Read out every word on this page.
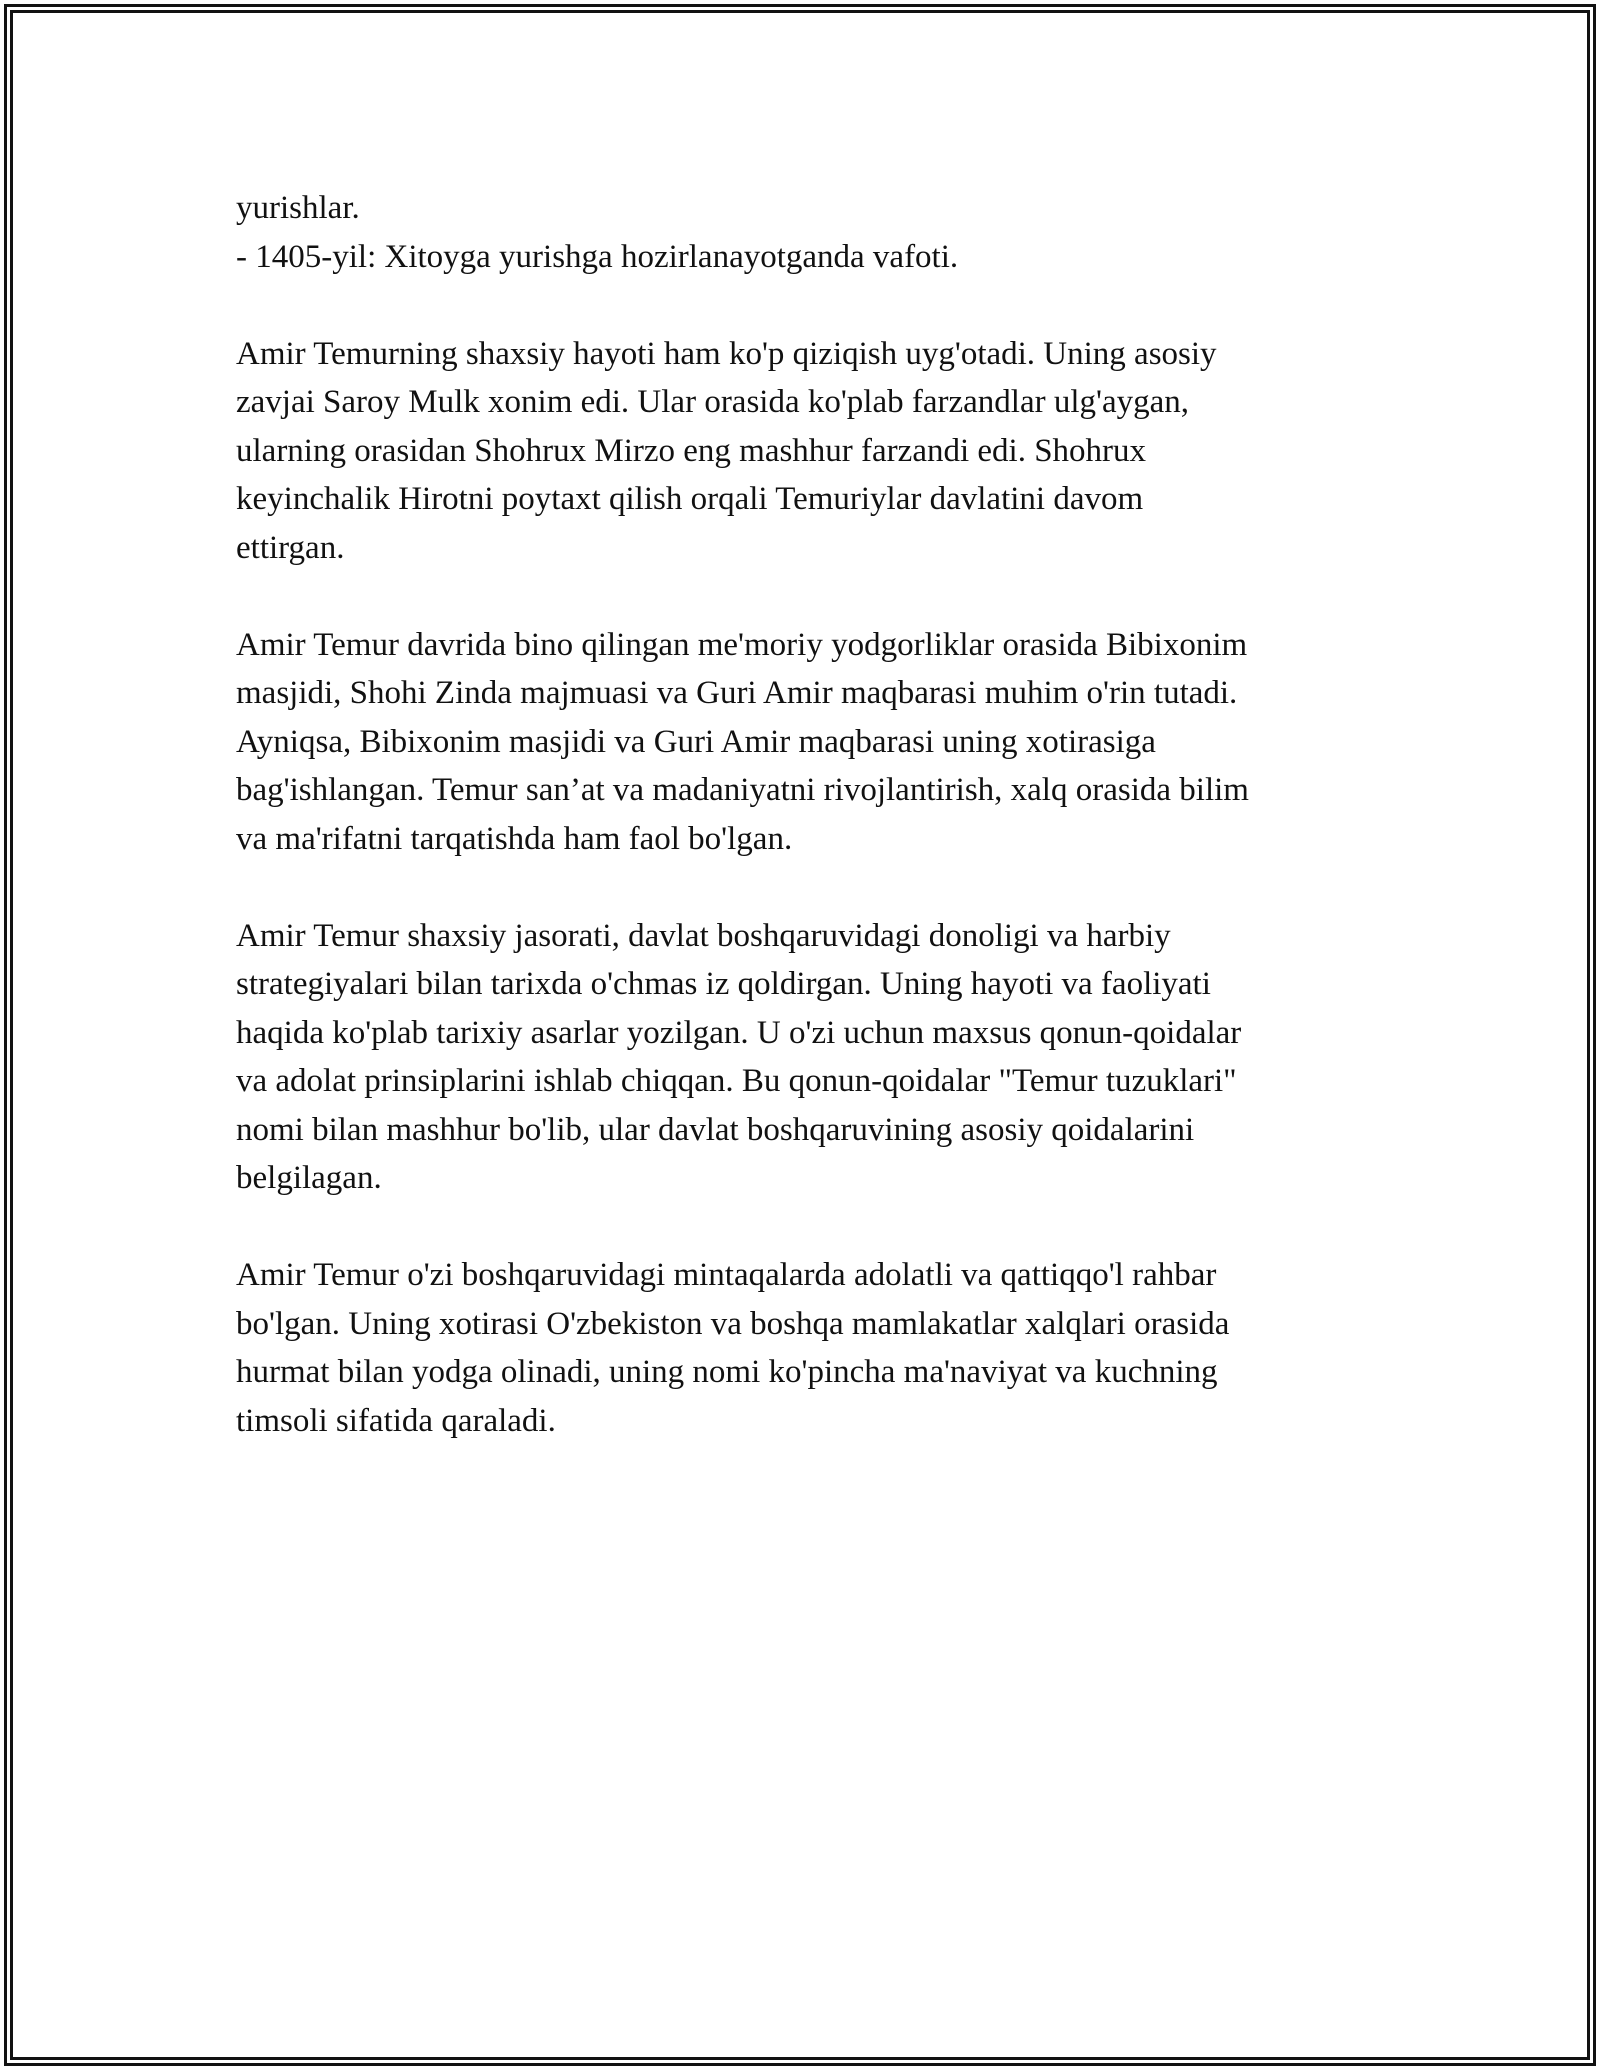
yurishlar.
- 1405-yil: Xitoyga yurishga hozirlanayotganda vafoti.
Amir Temurning shaxsiy hayoti ham ko'p qiziqish uyg'otadi. Uning asosiy
zavjai Saroy Mulk xonim edi. Ular orasida ko'plab farzandlar ulg'aygan,
ularning orasidan Shohrux Mirzo eng mashhur farzandi edi. Shohrux
keyinchalik Hirotni poytaxt qilish orqali Temuriylar davlatini davom
ettirgan.
Amir Temur davrida bino qilingan me'moriy yodgorliklar orasida Bibixonim
masjidi, Shohi Zinda majmuasi va Guri Amir maqbarasi muhim o'rin tutadi.
Ayniqsa, Bibixonim masjidi va Guri Amir maqbarasi uning xotirasiga
bag'ishlangan. Temur san’at va madaniyatni rivojlantirish, xalq orasida bilim
va ma'rifatni tarqatishda ham faol bo'lgan.
Amir Temur shaxsiy jasorati, davlat boshqaruvidagi donoligi va harbiy
strategiyalari bilan tarixda o'chmas iz qoldirgan. Uning hayoti va faoliyati
haqida ko'plab tarixiy asarlar yozilgan. U o'zi uchun maxsus qonun-qoidalar
va adolat prinsiplarini ishlab chiqqan. Bu qonun-qoidalar "Temur tuzuklari"
nomi bilan mashhur bo'lib, ular davlat boshqaruvining asosiy qoidalarini
belgilagan.
Amir Temur o'zi boshqaruvidagi mintaqalarda adolatli va qattiqqo'l rahbar
bo'lgan. Uning xotirasi O'zbekiston va boshqa mamlakatlar xalqlari orasida
hurmat bilan yodga olinadi, uning nomi ko'pincha ma'naviyat va kuchning
timsoli sifatida qaraladi.
